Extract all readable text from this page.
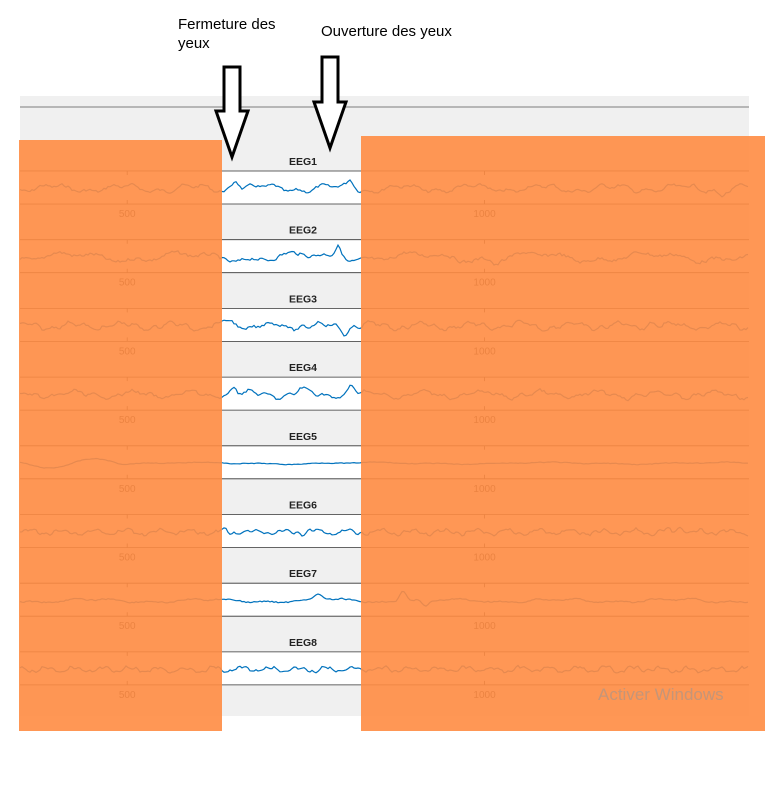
Fermeture des yeux
Ouverture des yeux
EEG1
EEG2
EEG3
EEG4
EEG5
EEG6
EEG7
EEG8
Activer Windows
